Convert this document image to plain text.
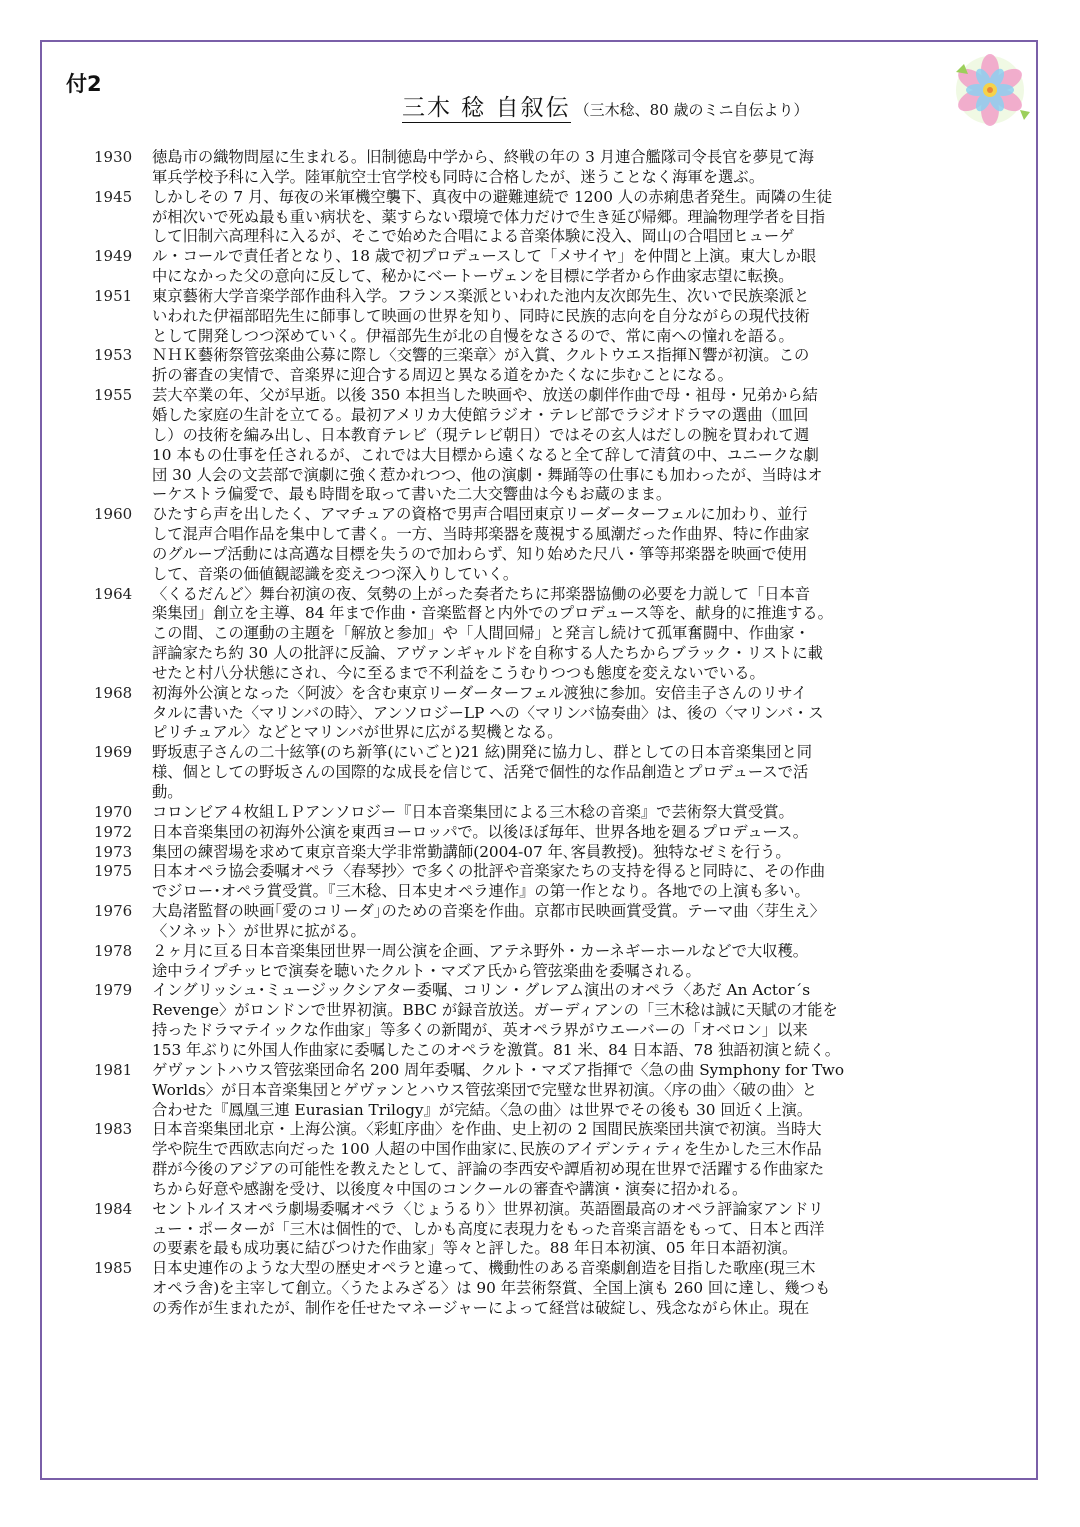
付2
三木 稔 自叙伝 （三木稔、80 歳のミニ自伝より）
1930	徳島市の織物問屋に生まれる。旧制徳島中学から、終戦の年の 3 月連合艦隊司令長官を夢見て海
軍兵学校予科に入学。陸軍航空士官学校も同時に合格したが、迷うことなく海軍を選ぶ。
1945	しかしその 7 月、毎夜の米軍機空襲下、真夜中の避難連続で 1200 人の赤痢患者発生。両隣の生徒
が相次いで死ぬ最も重い病状を、薬すらない環境で体力だけで生き延び帰郷。理論物理学者を目指
して旧制六高理科に入るが、そこで始めた合唱による音楽体験に没入、岡山の合唱団ヒューゲ
1949	ル・コールで責任者となり、18 歳で初プロデュースして「メサイヤ」を仲間と上演。東大しか眼
中になかった父の意向に反して、秘かにベートーヴェンを目標に学者から作曲家志望に転換。
1951	東京藝術大学音楽学部作曲科入学。フランス楽派といわれた池内友次郎先生、次いで民族楽派と
いわれた伊福部昭先生に師事して映画の世界を知り、同時に民族的志向を自分ながらの現代技術
として開発しつつ深めていく。伊福部先生が北の自慢をなさるので、常に南への憧れを語る。
1953	ＮＨＫ藝術祭管弦楽曲公募に際し〈交響的三楽章〉が入賞、クルトウエス指揮Ｎ響が初演。この
折の審査の実情で、音楽界に迎合する周辺と異なる道をかたくなに歩むことになる。
1955	芸大卒業の年、父が早逝。以後 350 本担当した映画や、放送の劇伴作曲で母・祖母・兄弟から結
婚した家庭の生計を立てる。最初アメリカ大使館ラジオ・テレビ部でラジオドラマの選曲（皿回
し）の技術を編み出し、日本教育テレビ（現テレビ朝日）ではその玄人はだしの腕を買われて週
10 本もの仕事を任されるが、これでは大目標から遠くなると全て辞して清貧の中、ユニークな劇
団 30 人会の文芸部で演劇に強く惹かれつつ、他の演劇・舞踊等の仕事にも加わったが、当時はオ
ーケストラ偏愛で、最も時間を取って書いた二大交響曲は今もお蔵のまま。
1960	ひたすら声を出したく、アマチュアの資格で男声合唱団東京リーダーターフェルに加わり、並行
して混声合唱作品を集中して書く。一方、当時邦楽器を蔑視する風潮だった作曲界、特に作曲家
のグループ活動には高邁な目標を失うので加わらず、知り始めた尺八・箏等邦楽器を映画で使用
して、音楽の価値観認識を変えつつ深入りしていく。
1964	〈くるだんど〉舞台初演の夜、気勢の上がった奏者たちに邦楽器協働の必要を力説して「日本音
楽集団」創立を主導、84 年まで作曲・音楽監督と内外でのプロデュース等を、献身的に推進する。
この間、この運動の主題を「解放と参加」や「人間回帰」と発言し続けて孤軍奮闘中、作曲家・
評論家たち約 30 人の批評に反論、アヴァンギャルドを自称する人たちからブラック・リストに載
せたと村八分状態にされ、今に至るまで不利益をこうむりつつも態度を変えないでいる。
1968	初海外公演となった〈阿波〉を含む東京リーダーターフェル渡独に参加。安倍圭子さんのリサイ
タルに書いた〈マリンバの時〉、アンソロジーLP への〈マリンバ協奏曲〉は、後の〈マリンバ・ス
ピリチュアル〉などとマリンバが世界に広がる契機となる。
1969	野坂恵子さんの二十絃箏(のち新箏(にいごと)21 絃)開発に協力し、群としての日本音楽集団と同
様、個としての野坂さんの国際的な成長を信じて、活発で個性的な作品創造とプロデュースで活
動。
1970	コロンビア４枚組ＬＰアンソロジー『日本音楽集団による三木稔の音楽』で芸術祭大賞受賞。
1972	日本音楽集団の初海外公演を東西ヨーロッパで。以後ほぼ毎年、世界各地を廻るプロデュース。
1973	集団の練習場を求めて東京音楽大学非常勤講師(2004-07 年､客員教授)。独特なゼミを行う。
1975	日本オペラ協会委嘱オペラ〈春琴抄〉で多くの批評や音楽家たちの支持を得ると同時に、その作曲
でジロー･オペラ賞受賞。『三木稔、日本史オペラ連作』の第一作となり。各地での上演も多い。
1976	大島渚監督の映画｢愛のコリーダ｣のための音楽を作曲。京都市民映画賞受賞。テーマ曲〈芽生え〉
〈ソネット〉が世界に拡がる。
1978	２ヶ月に亘る日本音楽集団世界一周公演を企画、アテネ野外・カーネギーホールなどで大収穫。
途中ライプチッヒで演奏を聴いたクルト・マズア氏から管弦楽曲を委嘱される。
1979	イングリッシュ･ミュージックシアター委嘱、コリン・グレアム演出のオペラ〈あだ An Actor´s
Revenge〉がロンドンで世界初演。BBC が録音放送。ガーディアンの「三木稔は誠に天賦の才能を
持ったドラマテイックな作曲家」等多くの新聞が、英オペラ界がウエーバーの「オベロン」以来
153 年ぶりに外国人作曲家に委嘱したこのオペラを激賞。81 米、84 日本語、78 独語初演と続く。
1981	ゲヴァントハウス管弦楽団命名 200 周年委嘱、クルト・マズア指揮で〈急の曲 Symphony for Two
Worlds〉が日本音楽集団とゲヴァンとハウス管弦楽団で完璧な世界初演。〈序の曲〉〈破の曲〉と
合わせた『鳳凰三連 Eurasian Trilogy』が完結。〈急の曲〉は世界でその後も 30 回近く上演。
1983	日本音楽集団北京・上海公演。〈彩虹序曲〉を作曲、史上初の 2 国間民族楽団共演で初演。当時大
学や院生で西欧志向だった 100 人超の中国作曲家に､民族のアイデンティティを生かした三木作品
群が今後のアジアの可能性を教えたとして、評論の李西安や譚盾初め現在世界で活躍する作曲家た
ちから好意や感謝を受け、以後度々中国のコンクールの審査や講演・演奏に招かれる。
1984	セントルイスオペラ劇場委嘱オペラ〈じょうるり〉世界初演。英語圏最高のオペラ評論家アンドリ
ュー・ポーターが「三木は個性的で、しかも高度に表現力をもった音楽言語をもって、日本と西洋
の要素を最も成功裏に結びつけた作曲家」等々と評した。88 年日本初演、05 年日本語初演。
1985	日本史連作のような大型の歴史オペラと違って、機動性のある音楽劇創造を目指した歌座(現三木
オペラ舎)を主宰して創立。〈うたよみざる〉は 90 年芸術祭賞、全国上演も 260 回に達し、幾つも
の秀作が生まれたが、制作を任せたマネージャーによって経営は破綻し、残念ながら休止。現在
